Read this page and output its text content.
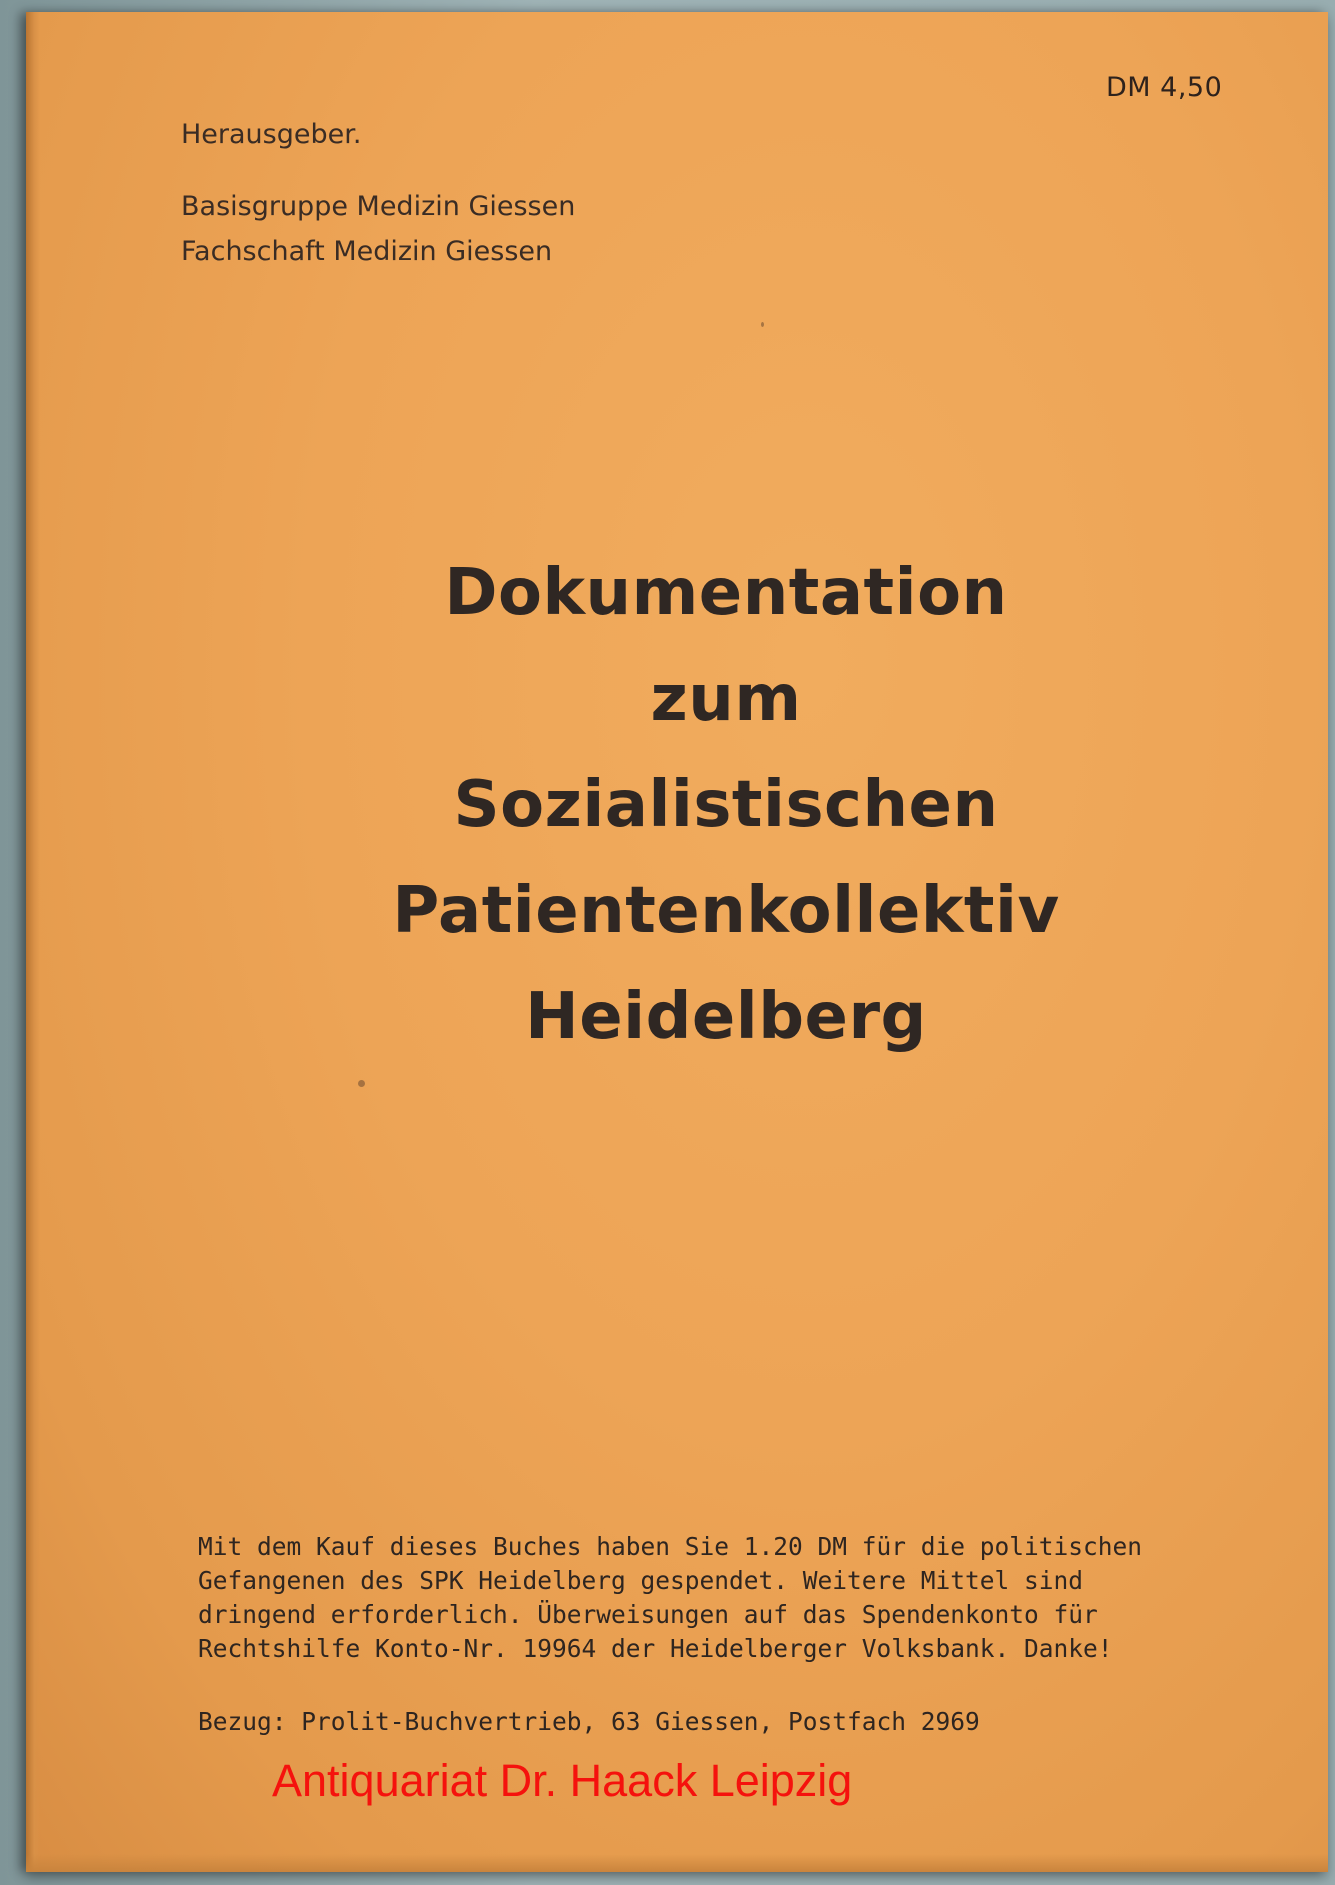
DM 4,50
Herausgeber.
Basisgruppe Medizin Giessen
Fachschaft Medizin Giessen
Dokumentation
zum
Sozialistischen
Patientenkollektiv
Heidelberg
Mit dem Kauf dieses Buches haben Sie 1.20 DM für die politischen
Gefangenen des SPK Heidelberg gespendet. Weitere Mittel sind
dringend erforderlich. Überweisungen auf das Spendenkonto für
Rechtshilfe Konto-Nr. 19964 der Heidelberger Volksbank. Danke!
Bezug: Prolit-Buchvertrieb, 63 Giessen, Postfach 2969
Antiquariat Dr. Haack Leipzig
